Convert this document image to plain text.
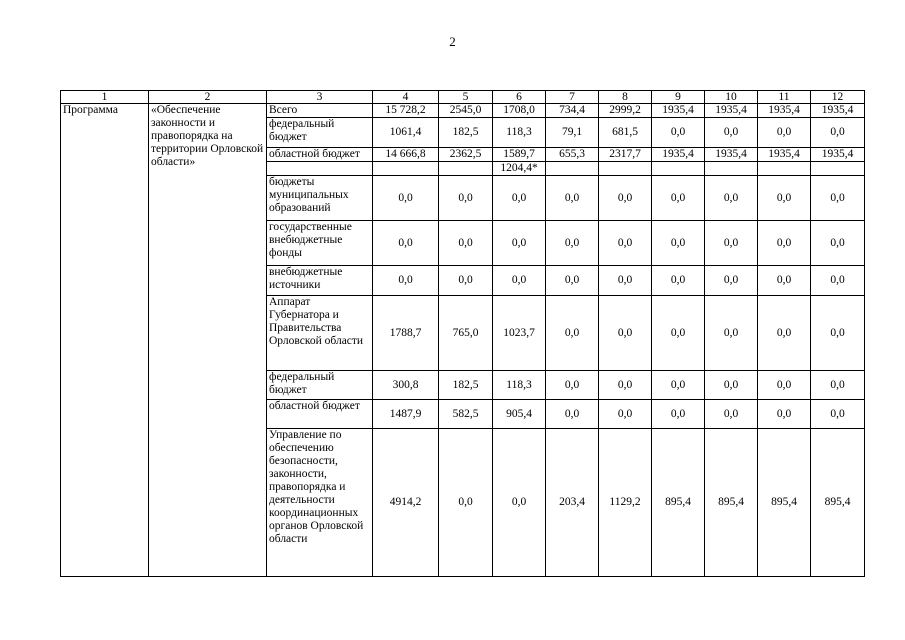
2
1	2	3	4	5	6	7	8	9	10	11	12
Программа	«Обеспечение законности и правопорядка на территории Орловской области»	Всего	15 728,2	2545,0	1708,0	734,4	2999,2	1935,4	1935,4	1935,4	1935,4
		федеральный бюджет	1061,4	182,5	118,3	79,1	681,5	0,0	0,0	0,0	0,0
		областной бюджет	14 666,8	2362,5	1589,7	655,3	2317,7	1935,4	1935,4	1935,4	1935,4
					1204,4*						
		бюджеты муниципальных образований	0,0	0,0	0,0	0,0	0,0	0,0	0,0	0,0	0,0
		государственные внебюджетные фонды	0,0	0,0	0,0	0,0	0,0	0,0	0,0	0,0	0,0
		внебюджетные источники	0,0	0,0	0,0	0,0	0,0	0,0	0,0	0,0	0,0
		Аппарат Губернатора и Правительства Орловской области	1788,7	765,0	1023,7	0,0	0,0	0,0	0,0	0,0	0,0
		федеральный бюджет	300,8	182,5	118,3	0,0	0,0	0,0	0,0	0,0	0,0
		областной бюджет	1487,9	582,5	905,4	0,0	0,0	0,0	0,0	0,0	0,0
		Управление по обеспечению безопасности, законности, правопорядка и деятельности координационных органов Орловской области	4914,2	0,0	0,0	203,4	1129,2	895,4	895,4	895,4	895,4
